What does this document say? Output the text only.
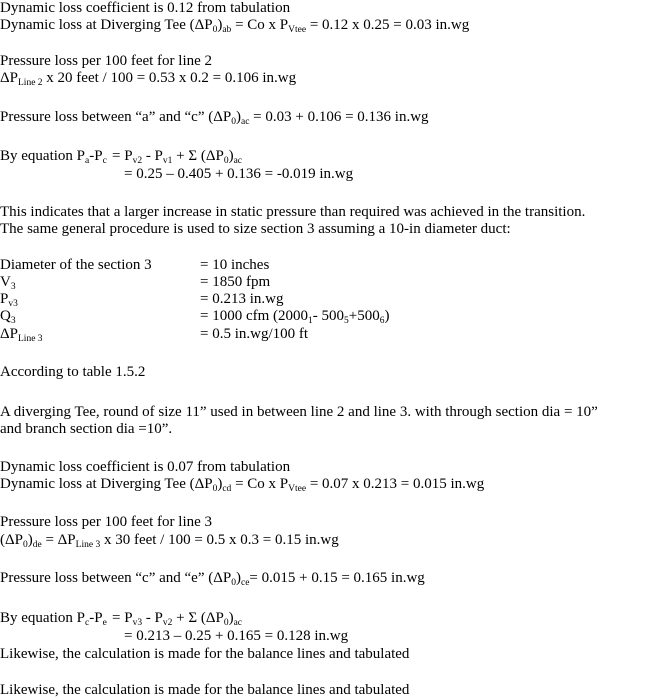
Dynamic loss coefficient is 0.12 from tabulation
Dynamic loss at Diverging Tee $(\Delta P_0)_{ab} = Co$ x $P_{Vtee} = 0.12$ x 0.25 = 0.03 in.wg
Pressure loss per 100 feet for line 2
$\Delta P_{Line 2}$ x 20 feet / 100 = 0.53 x 0.2 = 0.106 in.wg
Pressure loss between “a” and “c” $(\Delta P_0)_{ac} = 0.03 + 0.106 = 0.136$ in.wg
By equation $P_a-P_c = P_{v2} - P_{v1} + \Sigma$ $(\Delta P_0)_{ac}$
= 0.25 – 0.405 + 0.136 = -0.019 in.wg
This indicates that a larger increase in static pressure than required was achieved in the transition.
The same general procedure is used to size section 3 assuming a 10-in diameter duct:
Diameter of the section 3	= 10 inches
$V_3$	= 1850 fpm
$P_{v3}$	= 0.213 in.wg
$Q_3$	= 1000 cfm ($2000_1-$ $500_5+500_6$)
$\Delta P_{Line 3}$	= 0.5 in.wg/100 ft
According to table 1.5.2
A diverging Tee, round of size 11” used in between line 2 and line 3. with through section dia = 10”
and branch section dia =10”.
Dynamic loss coefficient is 0.07 from tabulation
Dynamic loss at Diverging Tee $(\Delta P_0)_{cd} = Co$ x $P_{Vtee} = 0.07$ x 0.213 = 0.015 in.wg
Pressure loss per 100 feet for line 3
$(\Delta P_0)_{de} = \Delta P_{Line 3}$ x 30 feet / 100 = 0.5 x 0.3 = 0.15 in.wg
Pressure loss between “c” and “e” $(\Delta P_0)_{ce}= 0.015 + 0.15 = 0.165$ in.wg
By equation $P_c-P_e = P_{v3} - P_{v2} + \Sigma$ $(\Delta P_0)_{ac}$
= 0.213 – 0.25 + 0.165 = 0.128 in.wg
Likewise, the calculation is made for the balance lines and tabulated
Likewise, the calculation is made for the balance lines and tabulated
